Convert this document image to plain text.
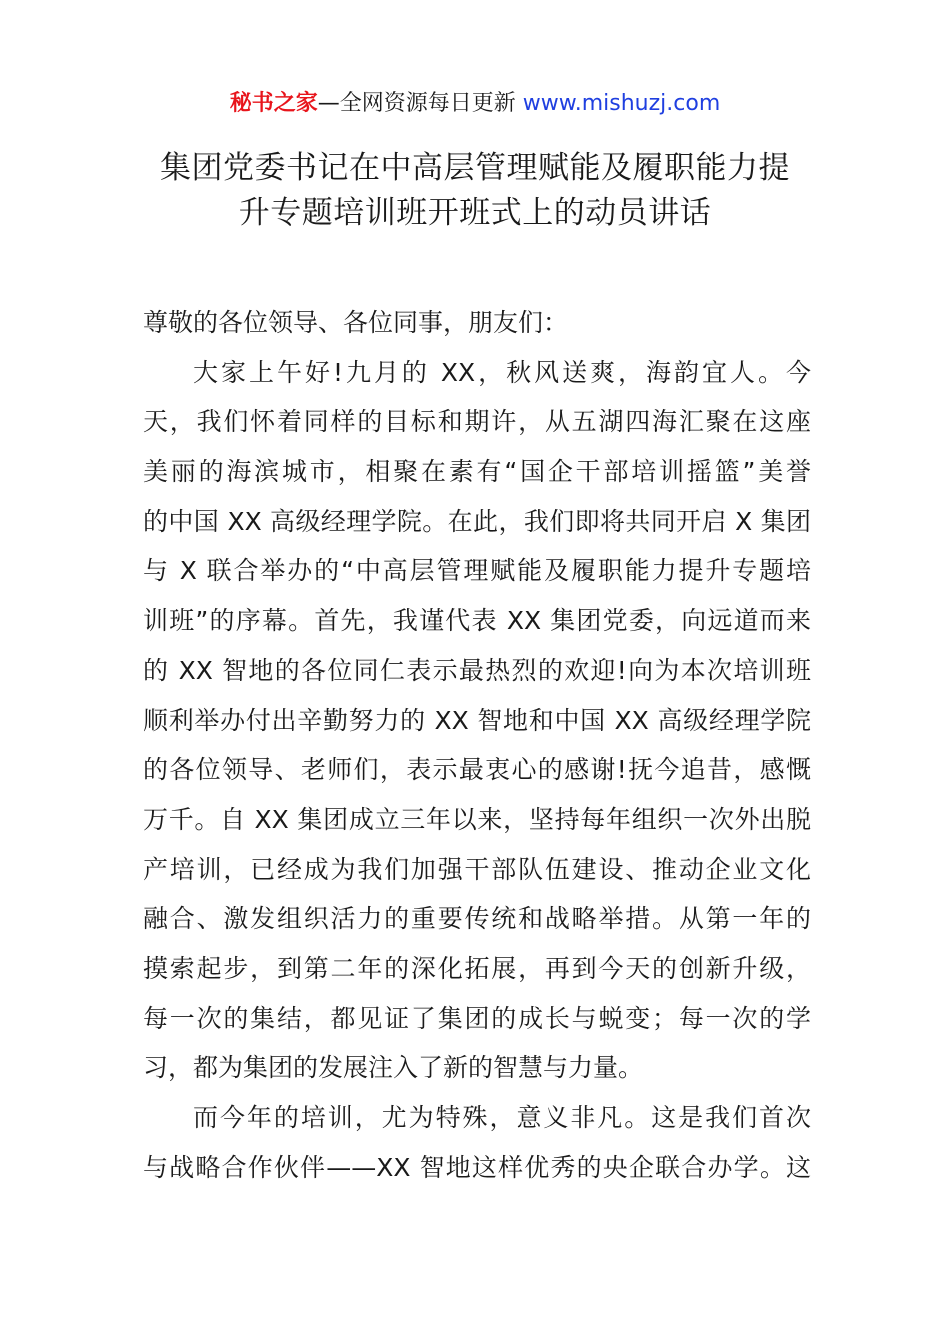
秘书之家—全网资源每日更新 www.mishuzj.com
集团党委书记在中高层管理赋能及履职能力提
升专题培训班开班式上的动员讲话
尊敬的各位领导、各位同事，朋友们：
大家上午好!九月的 XX，秋风送爽，海韵宜人。今
天，我们怀着同样的目标和期许，从五湖四海汇聚在这座
美丽的海滨城市，相聚在素有“国企干部培训摇篮”美誉
的中国 XX 高级经理学院。在此，我们即将共同开启 X 集团
与 X 联合举办的“中高层管理赋能及履职能力提升专题培
训班”的序幕。首先，我谨代表 XX 集团党委，向远道而来
的 XX 智地的各位同仁表示最热烈的欢迎!向为本次培训班
顺利举办付出辛勤努力的 XX 智地和中国 XX 高级经理学院
的各位领导、老师们，表示最衷心的感谢!抚今追昔，感慨
万千。自 XX 集团成立三年以来，坚持每年组织一次外出脱
产培训，已经成为我们加强干部队伍建设、推动企业文化
融合、激发组织活力的重要传统和战略举措。从第一年的
摸索起步，到第二年的深化拓展，再到今天的创新升级，
每一次的集结，都见证了集团的成长与蜕变；每一次的学
习，都为集团的发展注入了新的智慧与力量。
而今年的培训，尤为特殊，意义非凡。这是我们首次
与战略合作伙伴——XX 智地这样优秀的央企联合办学。这
